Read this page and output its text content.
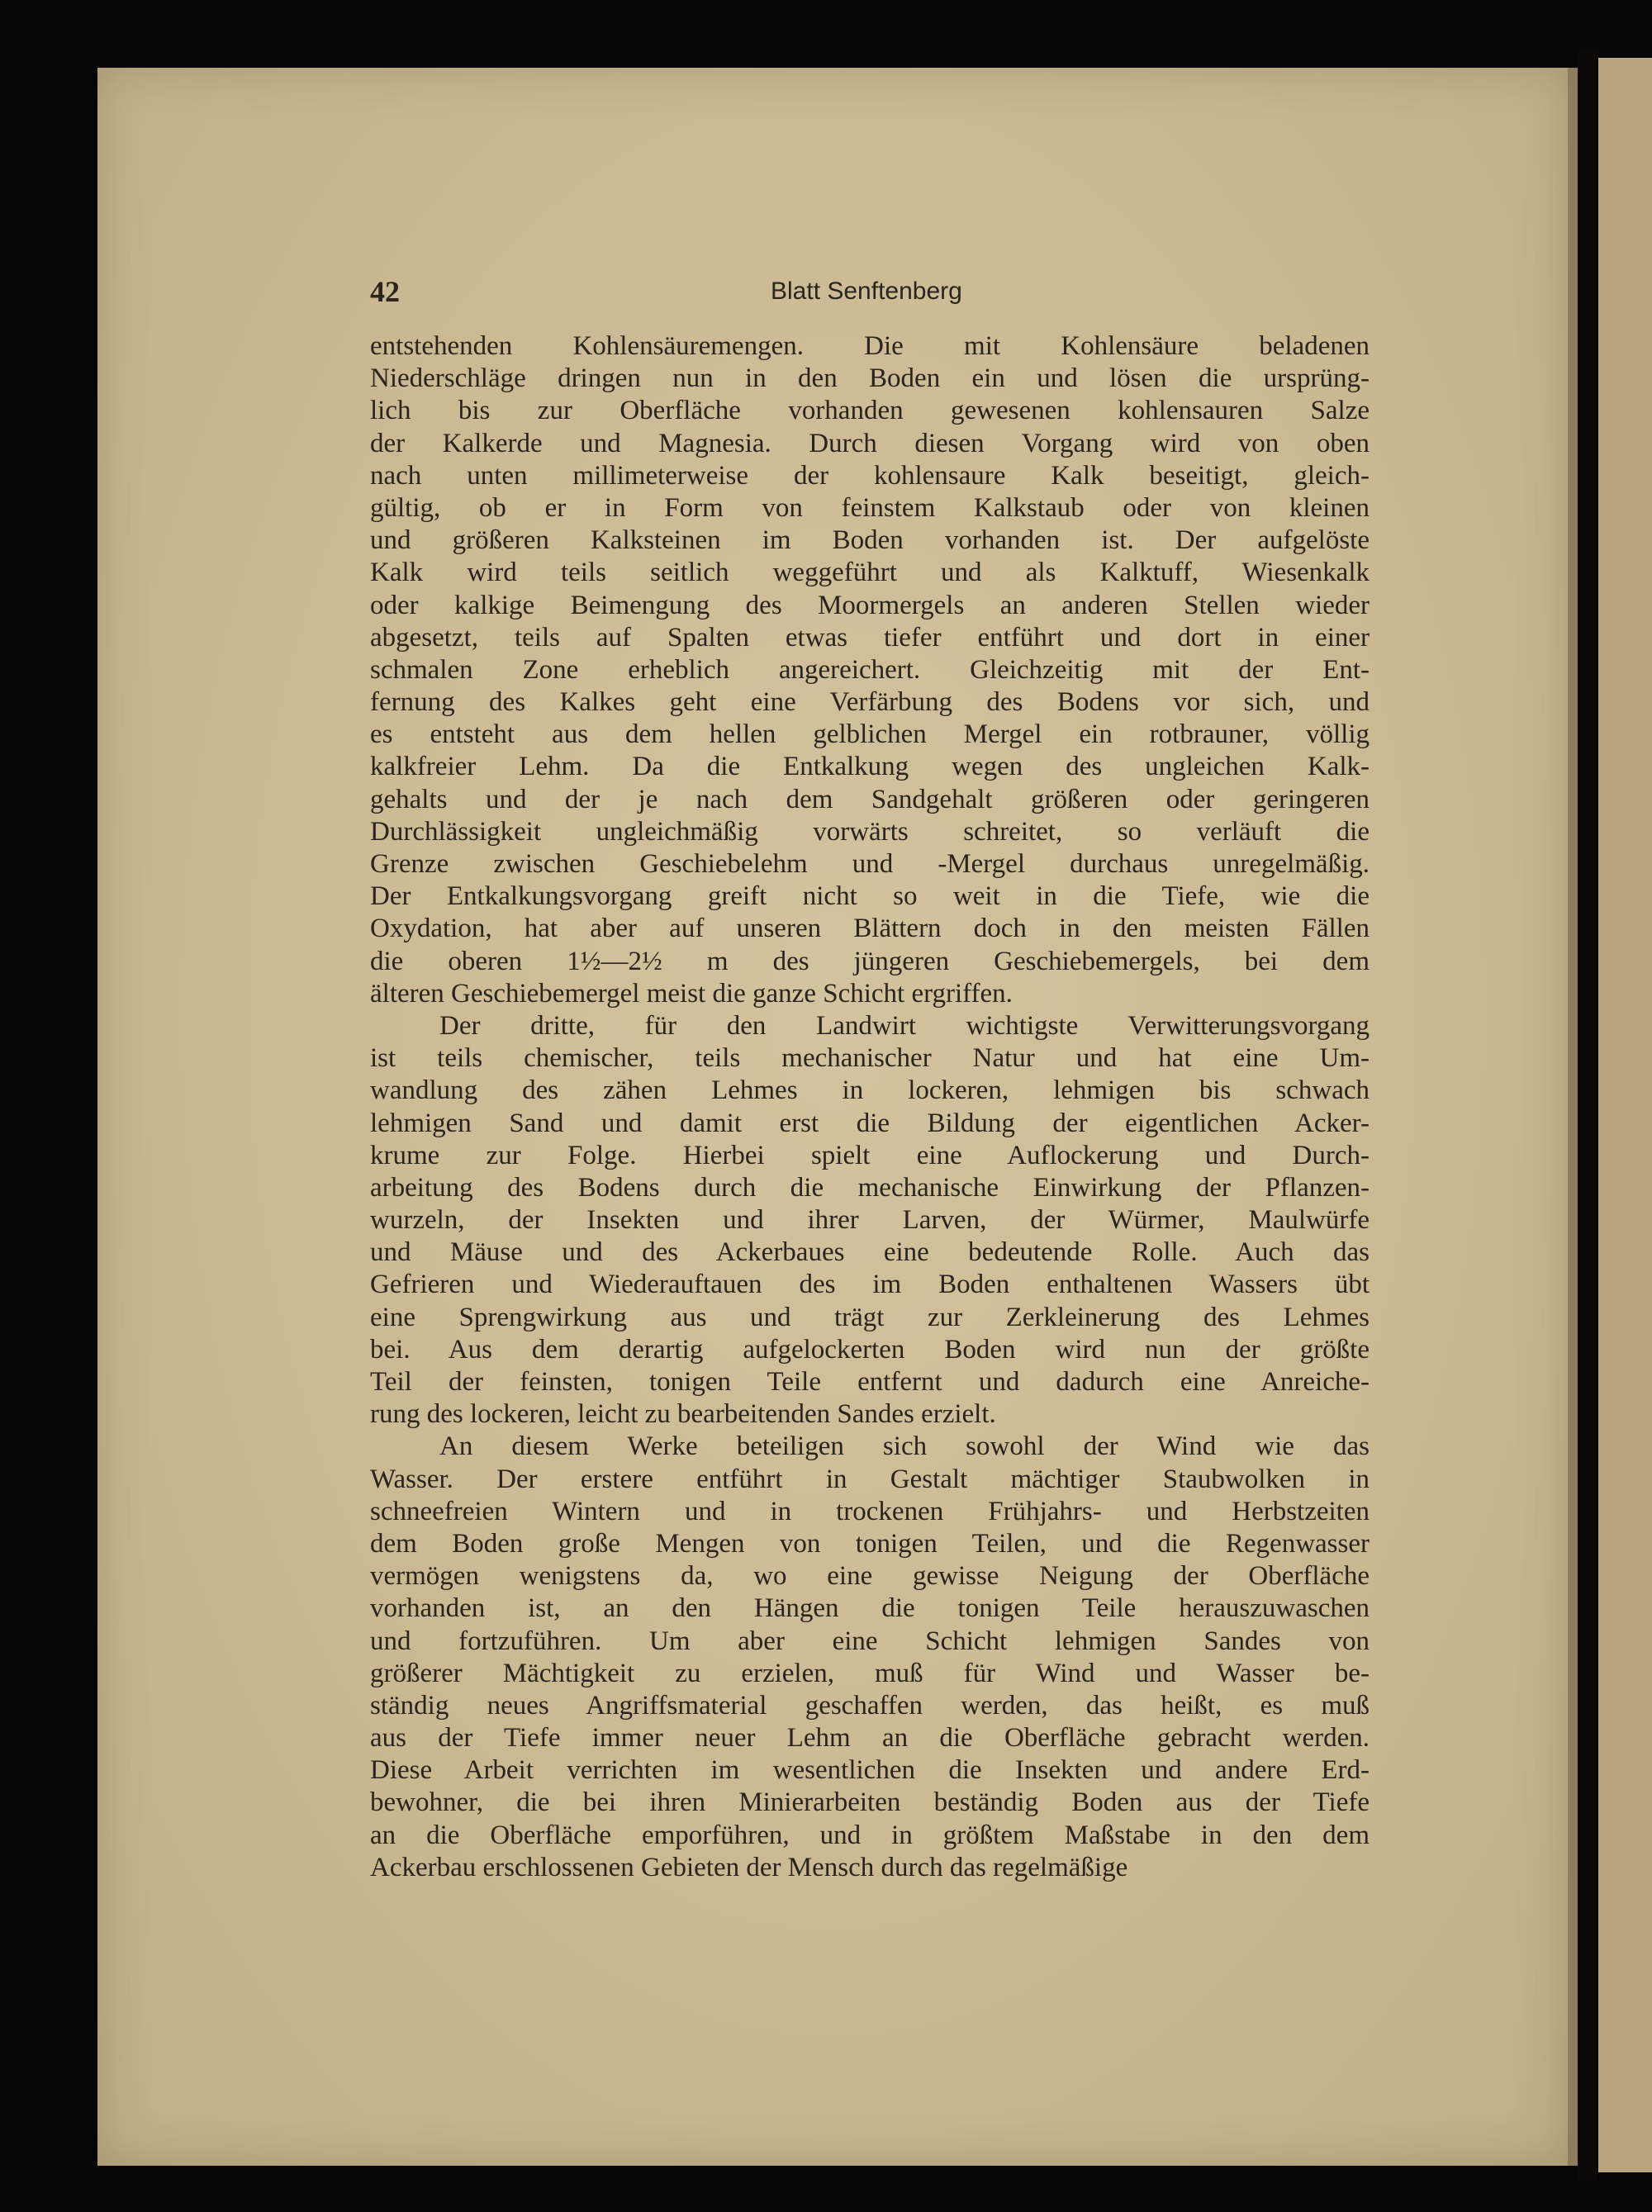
42	Blatt Senftenberg
entstehenden Kohlensäuremengen. Die mit Kohlensäure beladenen
Niederschläge dringen nun in den Boden ein und lösen die ursprüng-
lich bis zur Oberfläche vorhanden gewesenen kohlensauren Salze
der Kalkerde und Magnesia. Durch diesen Vorgang wird von oben
nach unten millimeterweise der kohlensaure Kalk beseitigt, gleich-
gültig, ob er in Form von feinstem Kalkstaub oder von kleinen
und größeren Kalksteinen im Boden vorhanden ist. Der aufgelöste
Kalk wird teils seitlich weggeführt und als Kalktuff, Wiesenkalk
oder kalkige Beimengung des Moormergels an anderen Stellen wieder
abgesetzt, teils auf Spalten etwas tiefer entführt und dort in einer
schmalen Zone erheblich angereichert. Gleichzeitig mit der Ent-
fernung des Kalkes geht eine Verfärbung des Bodens vor sich, und
es entsteht aus dem hellen gelblichen Mergel ein rotbrauner, völlig
kalkfreier Lehm. Da die Entkalkung wegen des ungleichen Kalk-
gehalts und der je nach dem Sandgehalt größeren oder geringeren
Durchlässigkeit ungleichmäßig vorwärts schreitet, so verläuft die
Grenze zwischen Geschiebelehm und -Mergel durchaus unregelmäßig.
Der Entkalkungsvorgang greift nicht so weit in die Tiefe, wie die
Oxydation, hat aber auf unseren Blättern doch in den meisten Fällen
die oberen 1½—2½ m des jüngeren Geschiebemergels, bei dem
älteren Geschiebemergel meist die ganze Schicht ergriffen.
Der dritte, für den Landwirt wichtigste Verwitterungsvorgang
ist teils chemischer, teils mechanischer Natur und hat eine Um-
wandlung des zähen Lehmes in lockeren, lehmigen bis schwach
lehmigen Sand und damit erst die Bildung der eigentlichen Acker-
krume zur Folge. Hierbei spielt eine Auflockerung und Durch-
arbeitung des Bodens durch die mechanische Einwirkung der Pflanzen-
wurzeln, der Insekten und ihrer Larven, der Würmer, Maulwürfe
und Mäuse und des Ackerbaues eine bedeutende Rolle. Auch das
Gefrieren und Wiederauftauen des im Boden enthaltenen Wassers übt
eine Sprengwirkung aus und trägt zur Zerkleinerung des Lehmes
bei. Aus dem derartig aufgelockerten Boden wird nun der größte
Teil der feinsten, tonigen Teile entfernt und dadurch eine Anreiche-
rung des lockeren, leicht zu bearbeitenden Sandes erzielt.
An diesem Werke beteiligen sich sowohl der Wind wie das
Wasser. Der erstere entführt in Gestalt mächtiger Staubwolken in
schneefreien Wintern und in trockenen Frühjahrs- und Herbstzeiten
dem Boden große Mengen von tonigen Teilen, und die Regenwasser
vermögen wenigstens da, wo eine gewisse Neigung der Oberfläche
vorhanden ist, an den Hängen die tonigen Teile herauszuwaschen
und fortzuführen. Um aber eine Schicht lehmigen Sandes von
größerer Mächtigkeit zu erzielen, muß für Wind und Wasser be-
ständig neues Angriffsmaterial geschaffen werden, das heißt, es muß
aus der Tiefe immer neuer Lehm an die Oberfläche gebracht werden.
Diese Arbeit verrichten im wesentlichen die Insekten und andere Erd-
bewohner, die bei ihren Minierarbeiten beständig Boden aus der Tiefe
an die Oberfläche emporführen, und in größtem Maßstabe in den dem
Ackerbau erschlossenen Gebieten der Mensch durch das regelmäßige
